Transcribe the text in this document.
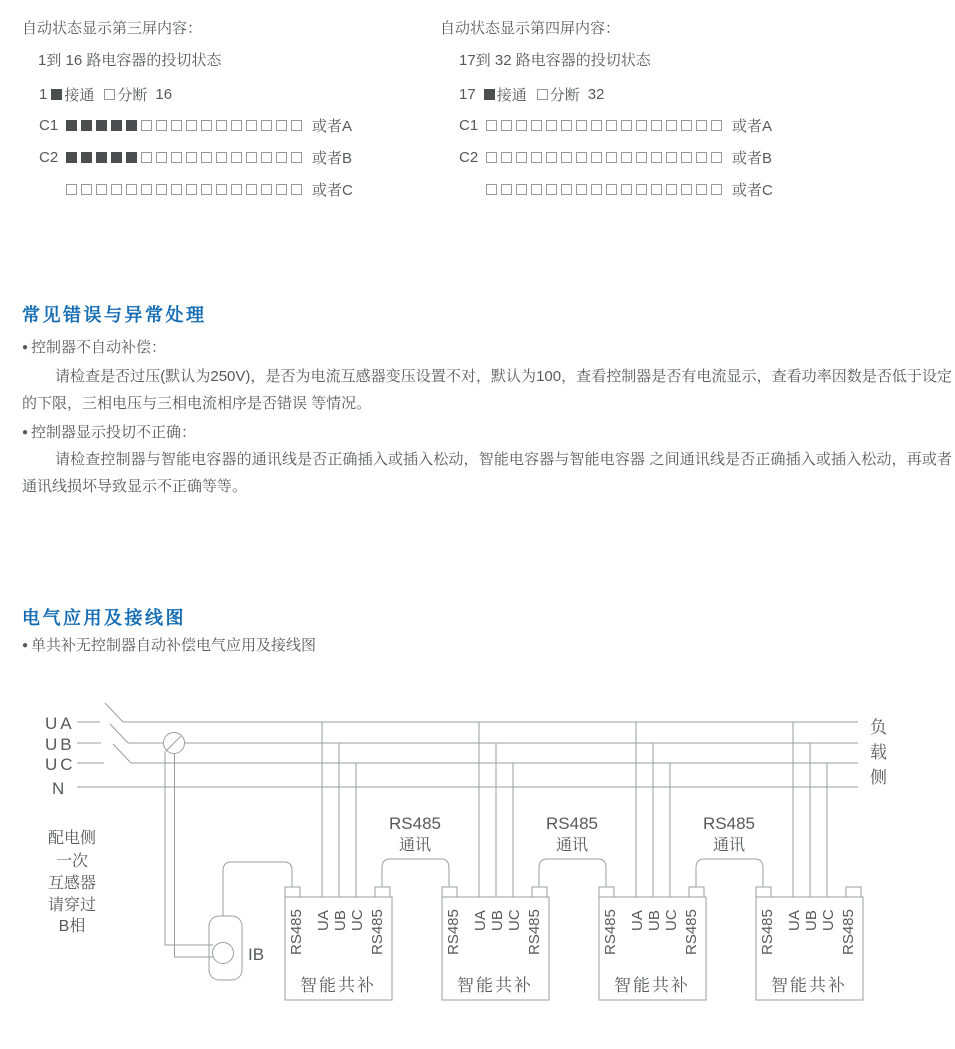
自动状态显示第三屏内容：
1到 16 路电容器的投切状态
1 接通 分断 16
C1	或者A
C2	或者B
或者C
自动状态显示第四屏内容：
17到 32 路电容器的投切状态
17 接通 分断 32
C1	或者A
C2	或者B
或者C
常见错误与异常处理
● 控制器不自动补偿：
请检查是否过压(默认为250V)，是否为电流互感器变压设置不对，默认为100，查看控制器是否有电流显示，查看功率因数是否低于设定的下限，三相电压与三相电流相序是否错误 等情况。
● 控制器显示投切不正确：
请检查控制器与智能电容器的通讯线是否正确插入或插入松动，智能电容器与智能电容器 之间通讯线是否正确插入或插入松动，再或者通讯线损坏导致显示不正确等等。
电气应用及接线图
● 单共补无控制器自动补偿电气应用及接线图
UA
UB
UC
N
负
载
侧
配电侧
一次
互感器
请穿过
B相
IB
RS485
通讯
RS485
通讯
RS485
通讯
RS485 UA UB UC RS485
智能共补
RS485 UA UB UC RS485
智能共补
RS485 UA UB UC RS485
智能共补
RS485 UA UB UC RS485
智能共补
